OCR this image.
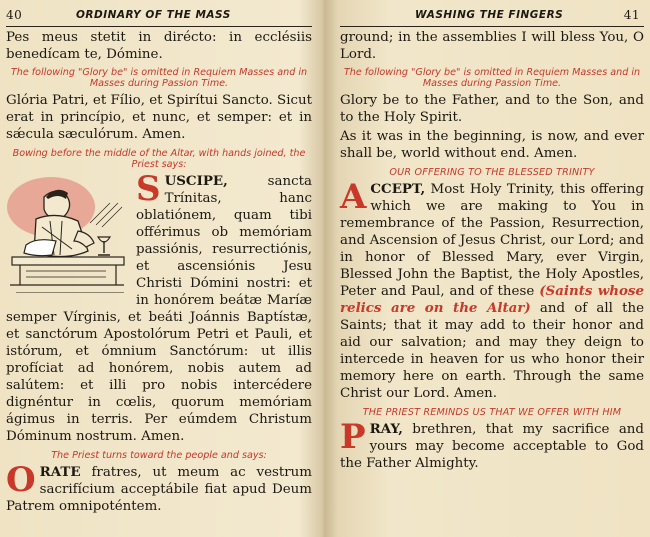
40	ORDINARY OF THE MASS

Pes meus stetit in dirécto: in ecclésiis benedícam te, Dómine.

The following "Glory be" is omitted in Requiem Masses and in Masses during Passion Time.

Glória Patri, et Fílio, et Spirítui Sancto. Sicut erat in princípio, et nunc, et semper: et in sǽcula sæculórum. Amen.

Bowing before the middle of the Altar, with hands joined, the Priest says:

SUSCIPE,	sancta Trínitas, hanc oblatiónem, quam tibi offérimus ob memóriam passiónis, resurrectiónis, et ascensiónis Jesu Christi Dómini nostri: et in honórem beátæ Maríæ semper Vírginis, et beáti Joánnis Baptístæ, et sanctórum Apostolórum Petri et Pauli, et istórum, et ómnium Sanctórum: ut illis profíciat ad honórem, nobis autem ad salútem: et illi pro nobis intercédere dignéntur in cœlis, quorum memóriam ágimus in terris. Per eúmdem Christum Dóminum nostrum. Amen.

The Priest turns toward the people and says:

ORATE fratres, ut meum ac vestrum sacrifícium acceptábile fiat apud Deum Patrem omnipoténtem.

WASHING THE FINGERS	41

ground; in the assemblies I will bless You, O Lord.

The following "Glory be" is omitted in Requiem Masses and in Masses during Passion Time.

Glory be to the Father, and to the Son, and to the Holy Spirit.

As it was in the beginning, is now, and ever shall be, world without end. Amen.

OUR OFFERING TO THE BLESSED TRINITY

ACCEPT, Most Holy Trinity, this offering which we are making to You in remembrance of the Passion, Resurrection, and Ascension of Jesus Christ, our Lord; and in honor of Blessed Mary, ever Virgin, Blessed John the Baptist, the Holy Apostles, Peter and Paul, and of these (Saints whose relics are on the Altar) and of all the Saints; that it may add to their honor and aid our salvation; and may they deign to intercede in heaven for us who honor their memory here on earth. Through the same Christ our Lord. Amen.

THE PRIEST REMINDS US THAT WE OFFER WITH HIM

PRAY, brethren, that my sacrifice and yours may become acceptable to God the Father Almighty.
